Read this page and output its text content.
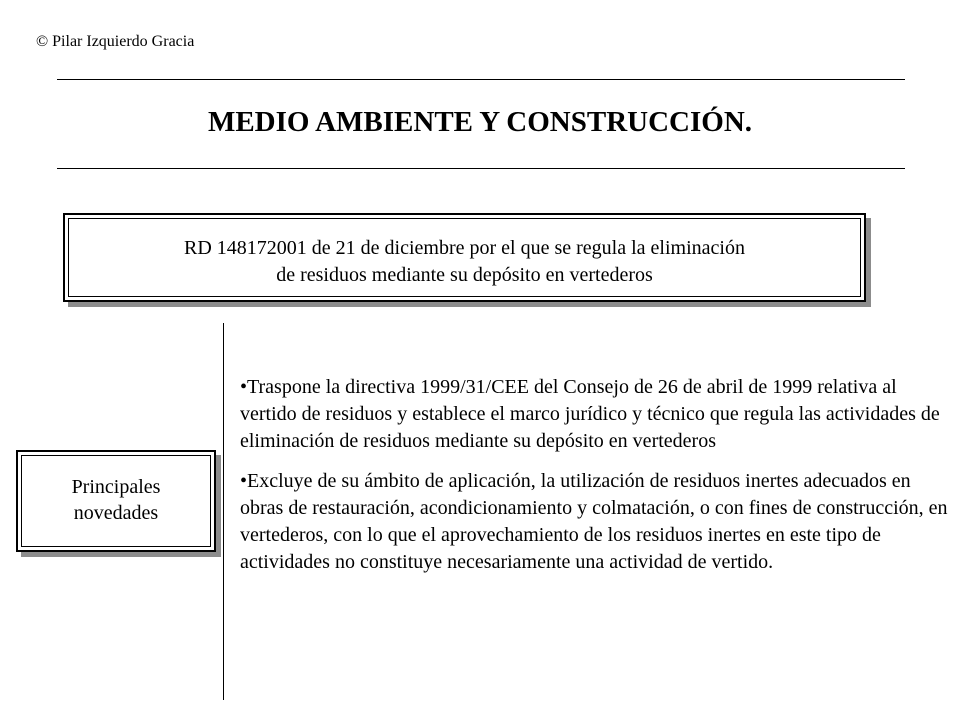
© Pilar Izquierdo Gracia
MEDIO AMBIENTE Y CONSTRUCCIÓN.
RD 148172001 de 21 de diciembre por el que se regula la eliminación
de residuos mediante su depósito en vertederos
Principales
novedades
•Traspone la directiva 1999/31/CEE del Consejo de 26 de abril de 1999 relativa al vertido de residuos y establece el marco jurídico y técnico que regula las actividades de eliminación de residuos mediante su depósito en vertederos
•Excluye de su ámbito de aplicación, la utilización de residuos inertes adecuados en obras de restauración, acondicionamiento y colmatación, o con fines de construcción, en vertederos, con lo que el aprovechamiento de los residuos inertes en este tipo de actividades no constituye necesariamente una actividad de vertido.
